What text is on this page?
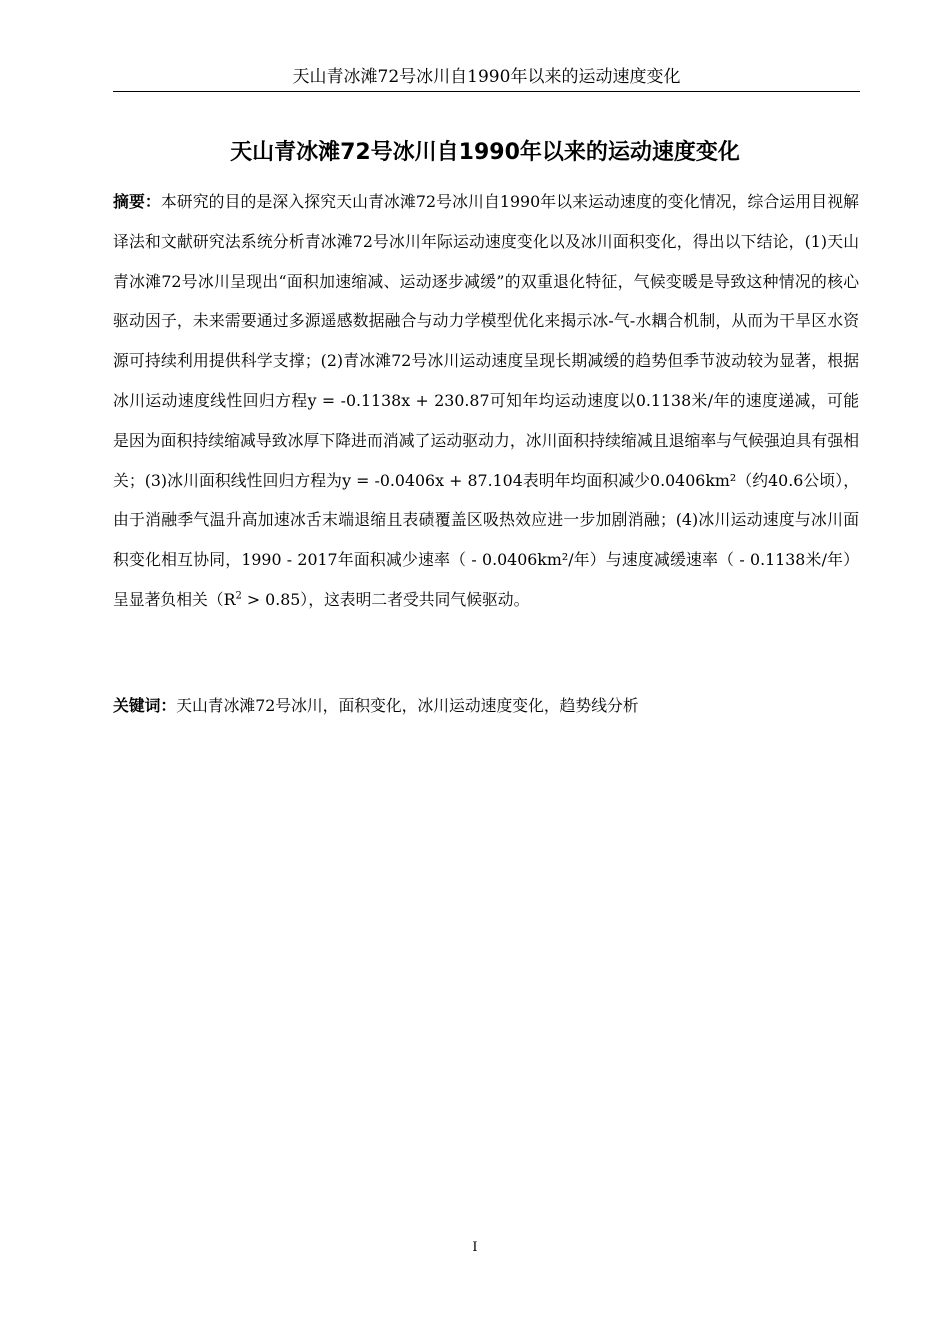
天山青冰滩72号冰川自1990年以来的运动速度变化
天山青冰滩72号冰川自1990年以来的运动速度变化

摘要：本研究的目的是深入探究天山青冰滩72号冰川自1990年以来运动速度的变化情况，综合运用目视解译法和文献研究法系统分析青冰滩72号冰川年际运动速度变化以及冰川面积变化，得出以下结论，(1)天山青冰滩72号冰川呈现出“面积加速缩减、运动逐步减缓”的双重退化特征，气候变暖是导致这种情况的核心驱动因子，未来需要通过多源遥感数据融合与动力学模型优化来揭示冰-气-水耦合机制，从而为干旱区水资源可持续利用提供科学支撑；(2)青冰滩72号冰川运动速度呈现长期减缓的趋势但季节波动较为显著，根据冰川运动速度线性回归方程y = -0.1138x + 230.87可知年均运动速度以0.1138米/年的速度递减，可能是因为面积持续缩减导致冰厚下降进而消减了运动驱动力，冰川面积持续缩减且退缩率与气候强迫具有强相关；(3)冰川面积线性回归方程为y = -0.0406x + 87.104表明年均面积减少0.0406km²（约40.6公顷），由于消融季气温升高加速冰舌末端退缩且表碛覆盖区吸热效应进一步加剧消融；(4)冰川运动速度与冰川面积变化相互协同，1990 - 2017年面积减少速率（ - 0.0406km²/年）与速度减缓速率（ - 0.1138米/年）呈显著负相关$(R^2 > 0.85)$，这表明二者受共同气候驱动。

关键词：天山青冰滩72号冰川，面积变化，冰川运动速度变化，趋势线分析

I
